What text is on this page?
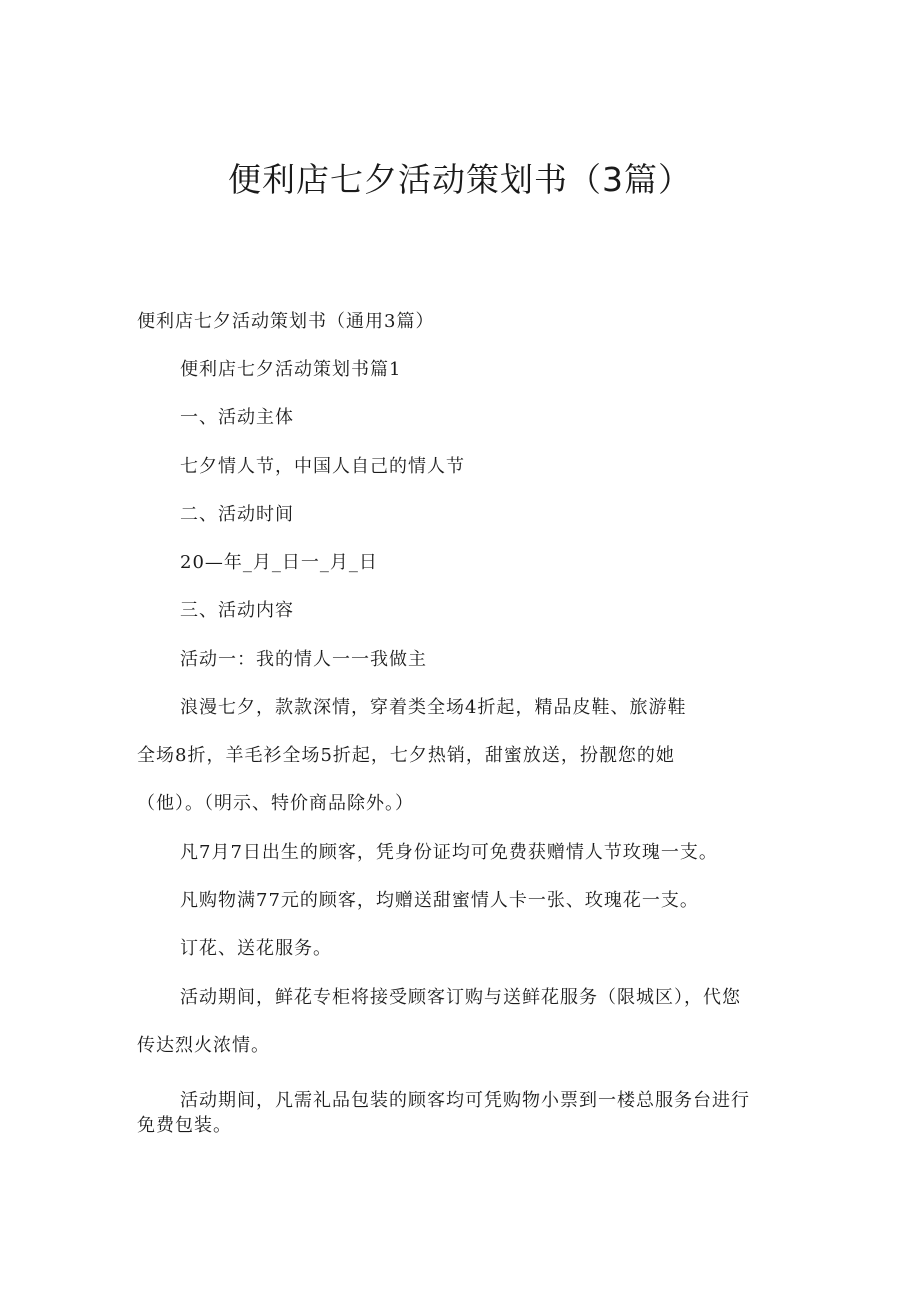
便利店七夕活动策划书（3篇）

便利店七夕活动策划书（通用3篇）

便利店七夕活动策划书篇1

一、活动主体

七夕情人节，中国人自己的情人节

二、活动时间

20—年_月_日一_月_日

三、活动内容

活动一：我的情人一一我做主

浪漫七夕，款款深情，穿着类全场4折起，精品皮鞋、旅游鞋

全场8折，羊毛衫全场5折起，七夕热销，甜蜜放送，扮靓您的她

（他）。（明示、特价商品除外。）

凡7月7日出生的顾客，凭身份证均可免费获赠情人节玫瑰一支。

凡购物满77元的顾客，均赠送甜蜜情人卡一张、玫瑰花一支。

订花、送花服务。

活动期间，鲜花专柜将接受顾客订购与送鲜花服务（限城区），代您

传达烈火浓情。

活动期间，凡需礼品包装的顾客均可凭购物小票到一楼总服务台进行

免费包装。
